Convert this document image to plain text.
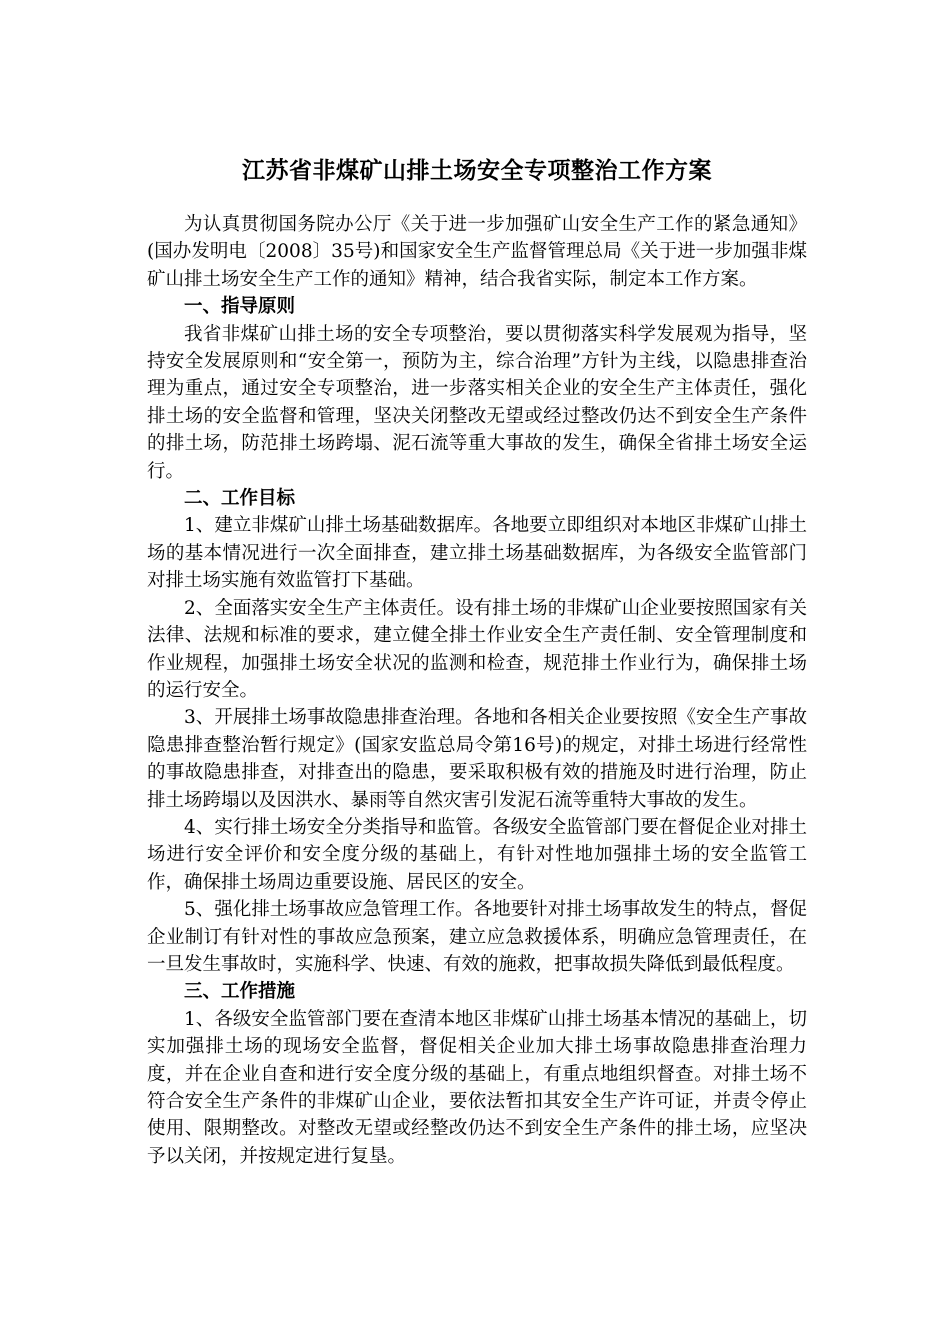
江苏省非煤矿山排土场安全专项整治工作方案

为认真贯彻国务院办公厅《关于进一步加强矿山安全生产工作的紧急通知》(国办发明电〔2008〕35号)和国家安全生产监督管理总局《关于进一步加强非煤矿山排土场安全生产工作的通知》精神，结合我省实际，制定本工作方案。

一、指导原则

我省非煤矿山排土场的安全专项整治，要以贯彻落实科学发展观为指导，坚持安全发展原则和“安全第一，预防为主，综合治理”方针为主线，以隐患排查治理为重点，通过安全专项整治，进一步落实相关企业的安全生产主体责任，强化排土场的安全监督和管理，坚决关闭整改无望或经过整改仍达不到安全生产条件的排土场，防范排土场跨塌、泥石流等重大事故的发生，确保全省排土场安全运行。

二、工作目标

1、建立非煤矿山排土场基础数据库。各地要立即组织对本地区非煤矿山排土场的基本情况进行一次全面排查，建立排土场基础数据库，为各级安全监管部门对排土场实施有效监管打下基础。

2、全面落实安全生产主体责任。设有排土场的非煤矿山企业要按照国家有关法律、法规和标准的要求，建立健全排土作业安全生产责任制、安全管理制度和作业规程，加强排土场安全状况的监测和检查，规范排土作业行为，确保排土场的运行安全。

3、开展排土场事故隐患排查治理。各地和各相关企业要按照《安全生产事故隐患排查整治暂行规定》(国家安监总局令第16号)的规定，对排土场进行经常性的事故隐患排查，对排查出的隐患，要采取积极有效的措施及时进行治理，防止排土场跨塌以及因洪水、暴雨等自然灾害引发泥石流等重特大事故的发生。

4、实行排土场安全分类指导和监管。各级安全监管部门要在督促企业对排土场进行安全评价和安全度分级的基础上，有针对性地加强排土场的安全监管工作，确保排土场周边重要设施、居民区的安全。

5、强化排土场事故应急管理工作。各地要针对排土场事故发生的特点，督促企业制订有针对性的事故应急预案，建立应急救援体系，明确应急管理责任，在一旦发生事故时，实施科学、快速、有效的施救，把事故损失降低到最低程度。

三、工作措施

1、各级安全监管部门要在查清本地区非煤矿山排土场基本情况的基础上，切实加强排土场的现场安全监督，督促相关企业加大排土场事故隐患排查治理力度，并在企业自查和进行安全度分级的基础上，有重点地组织督查。对排土场不符合安全生产条件的非煤矿山企业，要依法暂扣其安全生产许可证，并责令停止使用、限期整改。对整改无望或经整改仍达不到安全生产条件的排土场，应坚决予以关闭，并按规定进行复垦。
